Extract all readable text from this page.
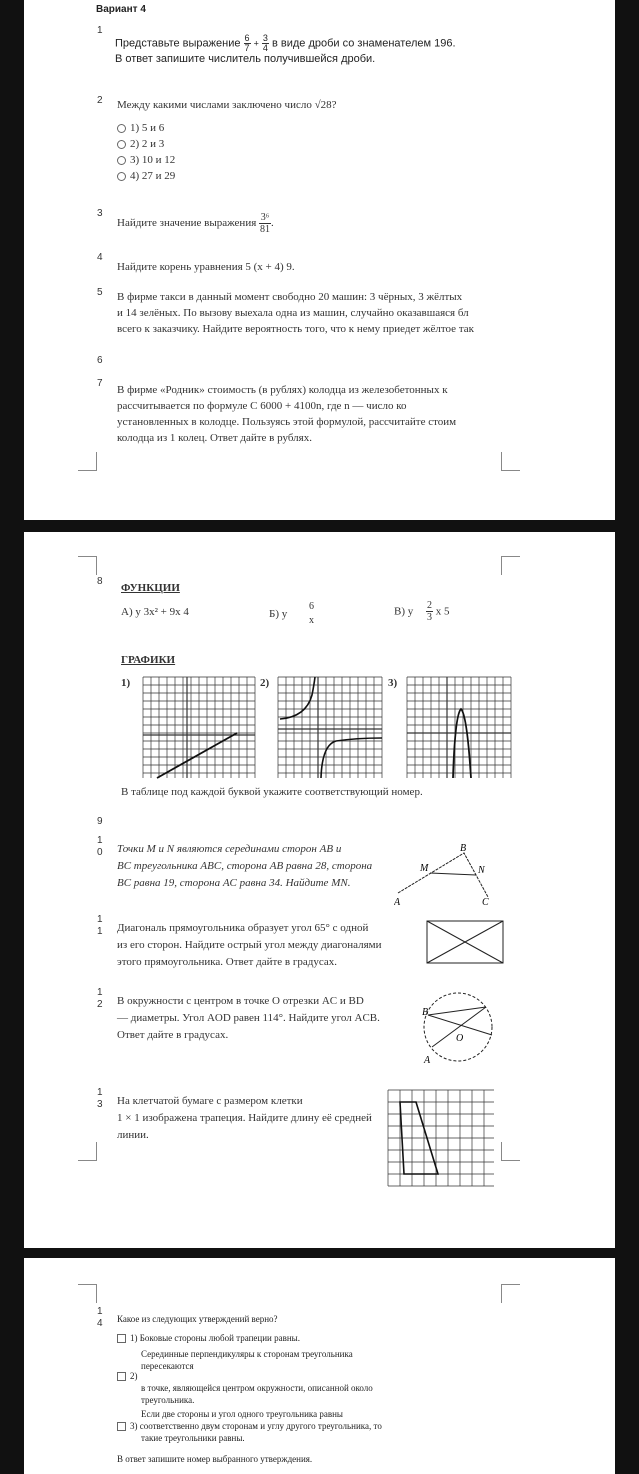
Вариант 4
1
Представьте выражение $\frac{6}{7} + \frac{3}{4}$ в виде дроби со знаменателем 196.
В ответ запишите числитель получившейся дроби.
2 Между какими числами заключено число √28?
1) 5 и 6
2) 2 и 3
3) 10 и 12
4) 27 и 29
3
Найдите значение выражения $\frac{\text{3⁶}}{81}$ .
4
Найдите корень уравнения 5 (x + 4) 9.
5 В фирме такси в данный момент свободно 20 машин: 3 чёрных, 3 жёлтых
и 14 зелёных. По вызову выехала одна из машин, случайно оказавшаяся бл
всего к заказчику. Найдите вероятность того, что к нему приедет жёлтое так
6
7
В фирме «Родник» стоимость (в рублях) колодца из железобетонных к
рассчитывается по формуле C 6000 + 4100n, где n — число ко
установленных в колодце. Пользуясь этой формулой, рассчитайте стоим
колодца из 1 колец. Ответ дайте в рублях.
8
ФУНКЦИИ
А) y 3x² + 9x 4	Б) y
6
x
В) y $\frac{2}{3}$ x 5
ГРАФИКИ
1)	2)	3)
В таблице под каждой буквой укажите соответствующий номер.
9
1
0 Точки M и N являются серединами сторон AB и
BC треугольника ABC, сторона AB равна 28, сторона
BC равна 19, сторона AC равна 34. Найдите MN.
B
M	N
A	C
1
1 Диагональ прямоугольника образует угол 65° с одной
из его сторон. Найдите острый угол между диагоналями
этого прямоугольника. Ответ дайте в градусах.
1
2 В окружности с центром в точке O отрезки AC и BD
— диаметры. Угол AOD равен 114°. Найдите угол ACB.
Ответ дайте в градусах.
B
O
A
1
3 На клетчатой бумаге с размером клетки
1 × 1 изображена трапеция. Найдите длину её средней
линии.
1
4 Какое из следующих утверждений верно?
1) Боковые стороны любой трапеции равны.
Серединные перпендикуляры к сторонам треугольника
пересекаются
2)
в точке, являющейся центром окружности, описанной около
треугольника.
Если две стороны и угол одного треугольника равны
3) соответственно двум сторонам и углу другого треугольника, то
такие треугольники равны.
В ответ запишите номер выбранного утверждения.
